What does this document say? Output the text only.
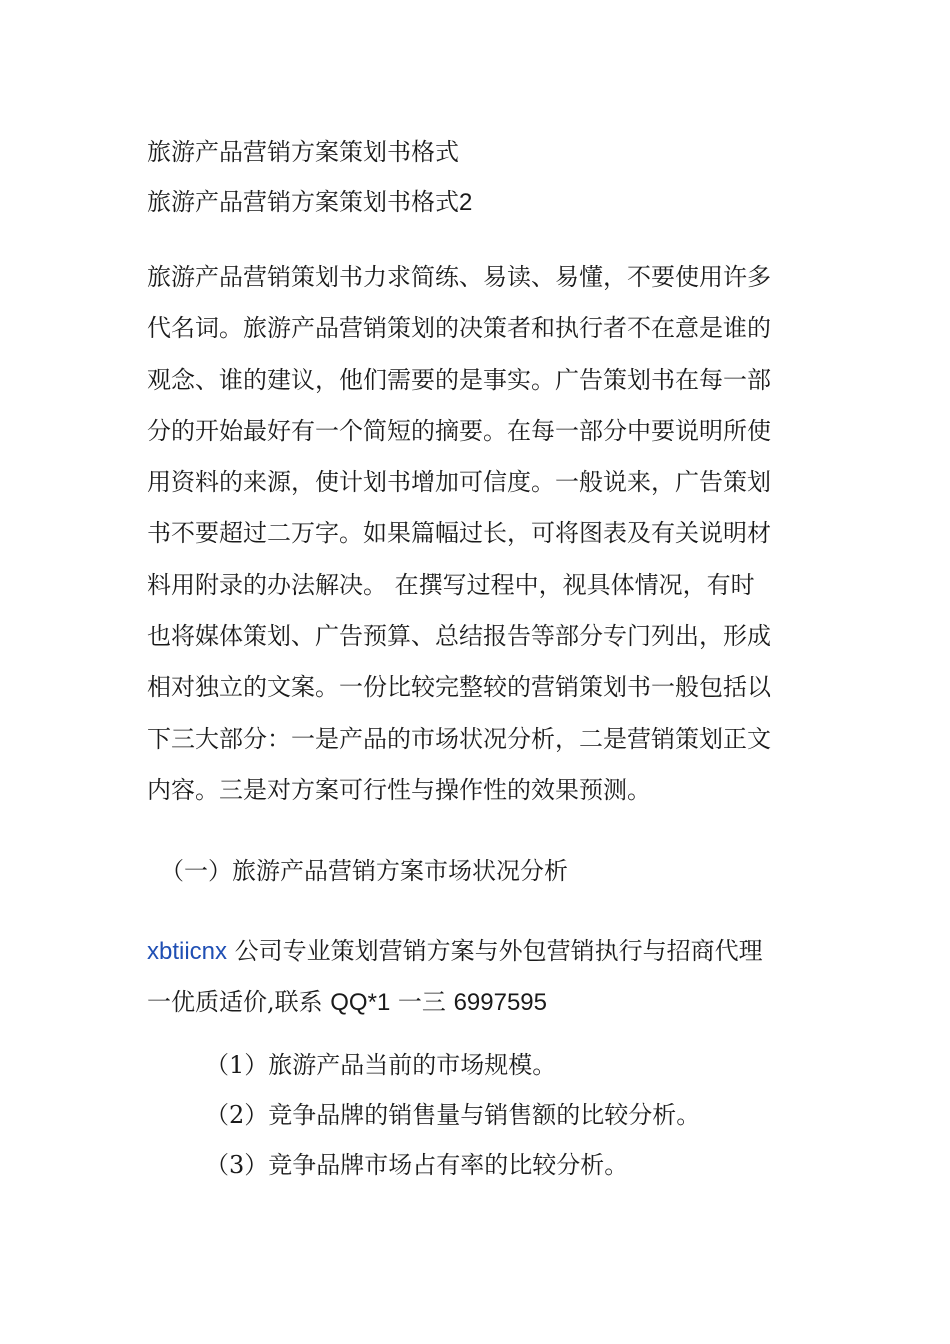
旅游产品营销方案策划书格式
旅游产品营销方案策划书格式2

旅游产品营销策划书力求简练、易读、易懂，不要使用许多
代名词。旅游产品营销策划的决策者和执行者不在意是谁的
观念、谁的建议，他们需要的是事实。广告策划书在每一部
分的开始最好有一个简短的摘要。在每一部分中要说明所使
用资料的来源，使计划书增加可信度。一般说来，广告策划
书不要超过二万字。如果篇幅过长，可将图表及有关说明材
料用附录的办法解决。 在撰写过程中，视具体情况，有时
也将媒体策划、广告预算、总结报告等部分专门列出，形成
相对独立的文案。一份比较完整较的营销策划书一般包括以
下三大部分：一是产品的市场状况分析，二是营销策划正文
内容。三是对方案可行性与操作性的效果预测。

（一）旅游产品营销方案市场状况分析
xbtiicnx 公司专业策划营销方案与外包营销执行与招商代理
一优质适价,联系 QQ*1 一三 6997595
（1）旅游产品当前的市场规模。
（2）竞争品牌的销售量与销售额的比较分析。
（3）竞争品牌市场占有率的比较分析。
